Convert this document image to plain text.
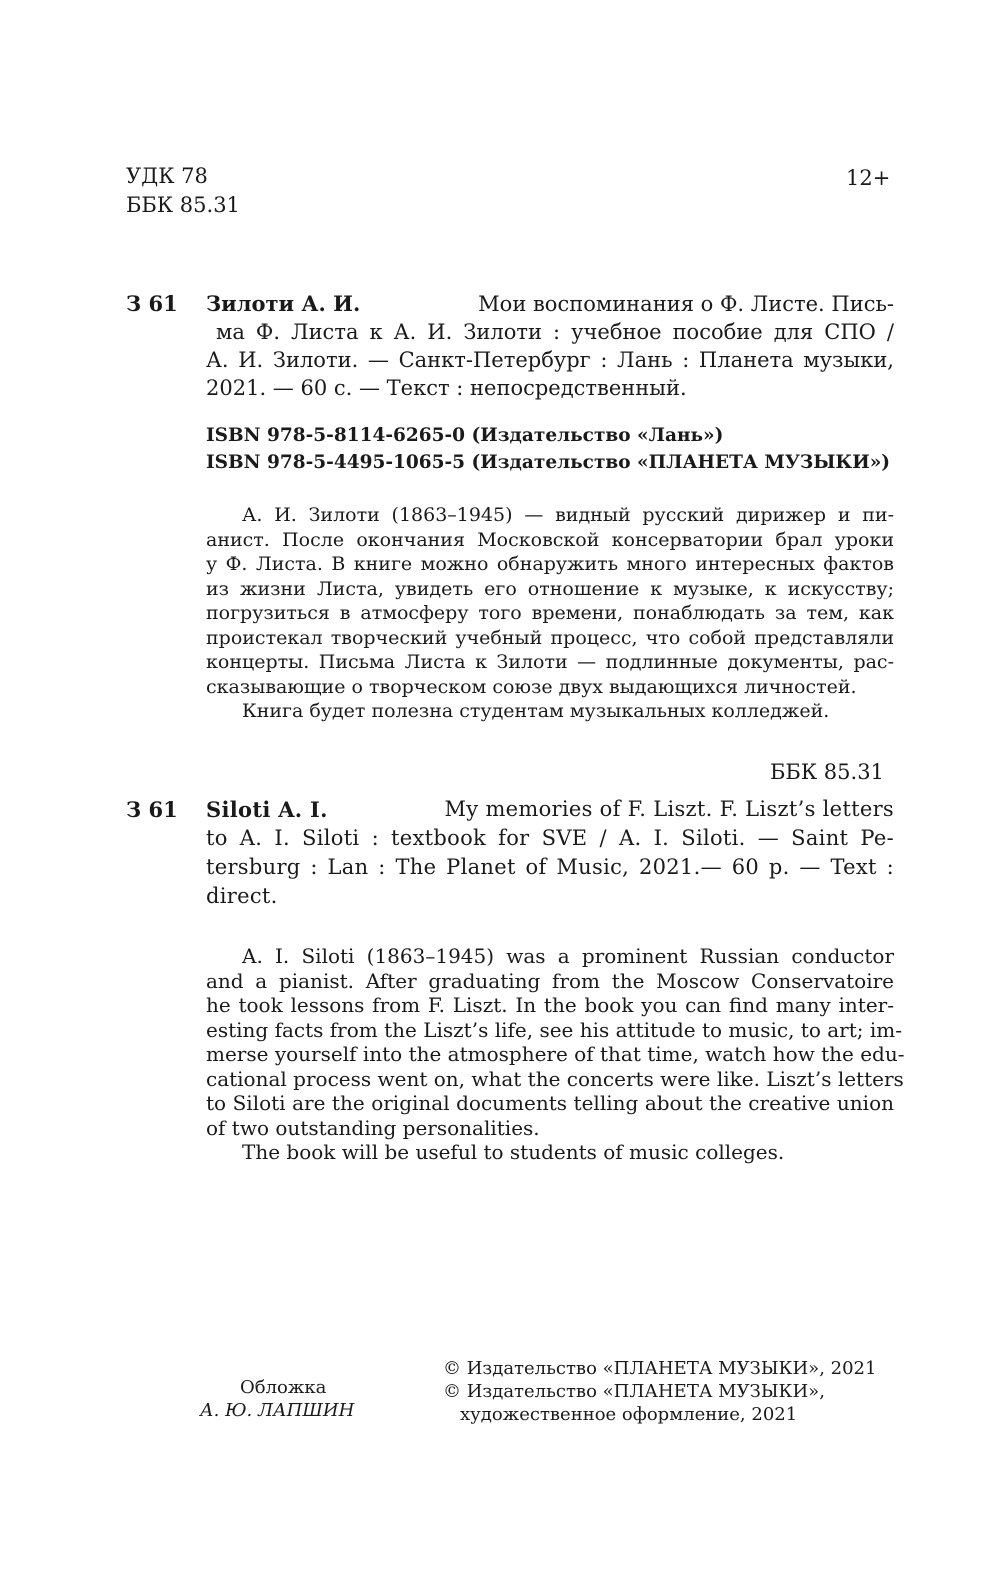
УДК 78
ББК 85.31
12+
З 61 Зилоти А. И.	Мои воспоминания о Ф. Листе. Пись-
ма Ф. Листа к А. И. Зилоти : учебное пособие для СПО /
А. И. Зилоти. — Санкт-Петербург : Лань : Планета музыки,
2021. — 60 с. — Текст : непосредственный.
ISBN 978-5-8114-6265-0 (Издательство «Лань»)
ISBN 978-5-4495-1065-5 (Издательство «ПЛАНЕТА МУЗЫКИ»)
А. И. Зилоти (1863–1945) — видный русский дирижер и пи-
анист. После окончания Московской консерватории брал уроки
у Ф. Листа. В книге можно обнаружить много интересных фактов
из жизни Листа, увидеть его отношение к музыке, к искусству;
погрузиться в атмосферу того времени, понаблюдать за тем, как
проистекал творческий учебный процесс, что собой представляли
концерты. Письма Листа к Зилоти — подлинные документы, рас-
сказывающие о творческом союзе двух выдающихся личностей.
Книга будет полезна студентам музыкальных колледжей.
ББК 85.31
З 61 Siloti A. I.	My memories of F. Liszt. F. Liszt’s letters
to A. I. Siloti : textbook for SVE / A. I. Siloti. — Saint Pe-
tersburg : Lan : The Planet of Music, 2021.— 60 p. — Text :
direct.
A. I. Siloti (1863–1945) was a prominent Russian conductor
and a pianist. After graduating from the Moscow Conservatoire
he took lessons from F. Liszt. In the book you can find many inter-
esting facts from the Liszt’s life, see his attitude to music, to art; im-
merse yourself into the atmosphere of that time, watch how the edu-
cational process went on, what the concerts were like. Liszt’s letters
to Siloti are the original documents telling about the creative union
of two outstanding personalities.
The book will be useful to students of music colleges.
Обложка
А. Ю. ЛАПШИН
© Издательство «ПЛАНЕТА МУЗЫКИ», 2021
© Издательство «ПЛАНЕТА МУЗЫКИ»,
художественное оформление, 2021
